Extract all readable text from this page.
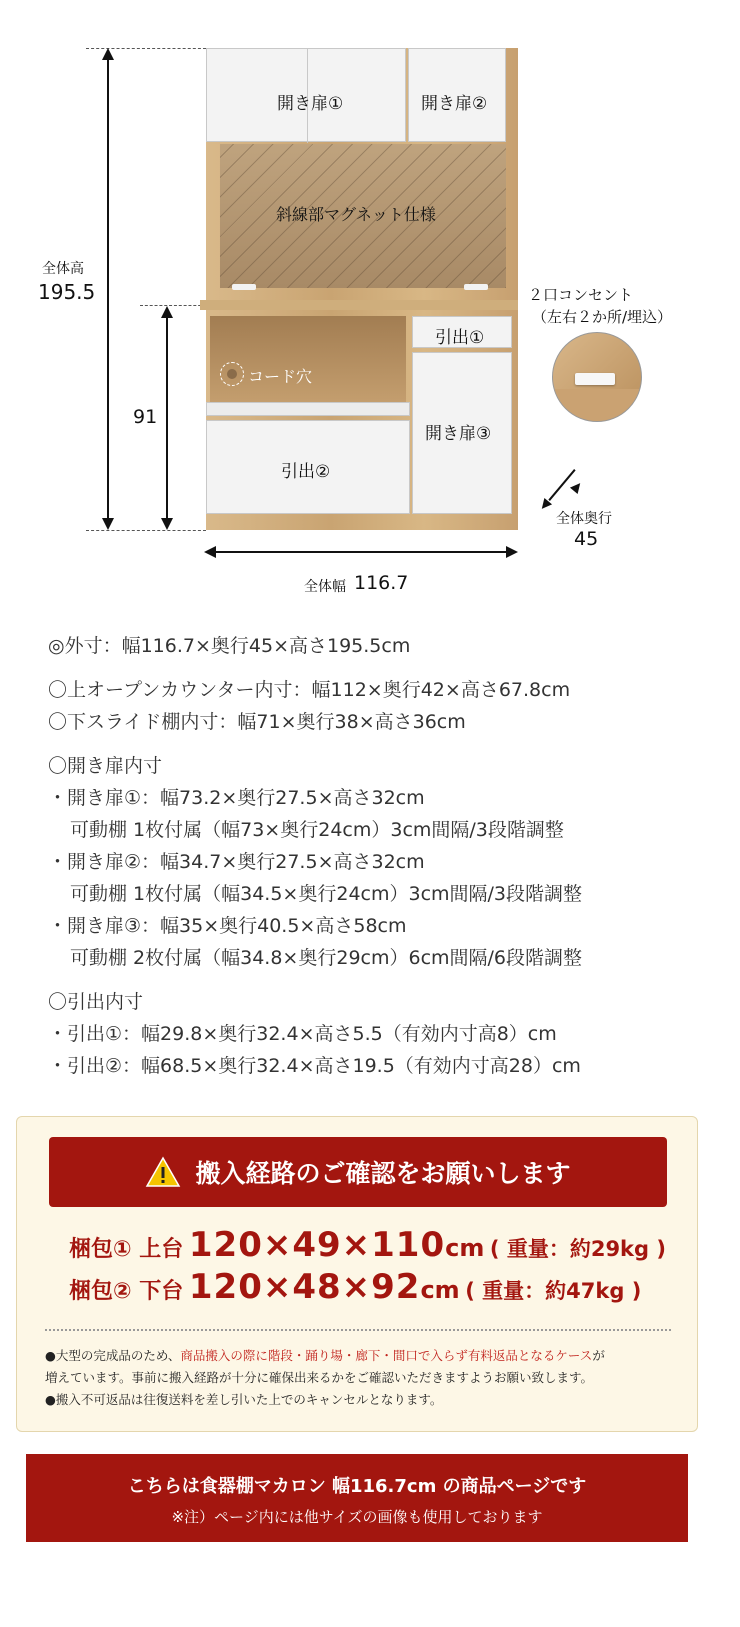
全体高
195.5
91
開き扉①	開き扉②
斜線部マグネット仕様
コード穴
引出②
引出①
開き扉③
２口コンセント
（左右２か所/埋込）
全体奥行
45
全体幅 116.7
◎外寸：幅116.7×奥行45×高さ195.5cm
〇上オープンカウンター内寸：幅112×奥行42×高さ67.8cm
〇下スライド棚内寸：幅71×奥行38×高さ36cm
〇開き扉内寸
・開き扉①：幅73.2×奥行27.5×高さ32cm
可動棚 1枚付属（幅73×奥行24cm）3cm間隔/3段階調整
・開き扉②：幅34.7×奥行27.5×高さ32cm
可動棚 1枚付属（幅34.5×奥行24cm）3cm間隔/3段階調整
・開き扉③：幅35×奥行40.5×高さ58cm
可動棚 2枚付属（幅34.8×奥行29cm）6cm間隔/6段階調整
〇引出内寸
・引出①：幅29.8×奥行32.4×高さ5.5（有効内寸高8）cm
・引出②：幅68.5×奥行32.4×高さ19.5（有効内寸高28）cm
搬入経路のご確認をお願いします
梱包① 上台 120×49×110cm ( 重量：約29kg )
梱包② 下台 120×48×92cm ( 重量：約47kg )
●大型の完成品のため、商品搬入の際に階段・踊り場・廊下・間口で入らず有料返品となるケースが
増えています。事前に搬入経路が十分に確保出来るかをご確認いただきますようお願い致します。
●搬入不可返品は往復送料を差し引いた上でのキャンセルとなります。
こちらは食器棚マカロン 幅116.7cm の商品ページです
※注）ページ内には他サイズの画像も使用しております
